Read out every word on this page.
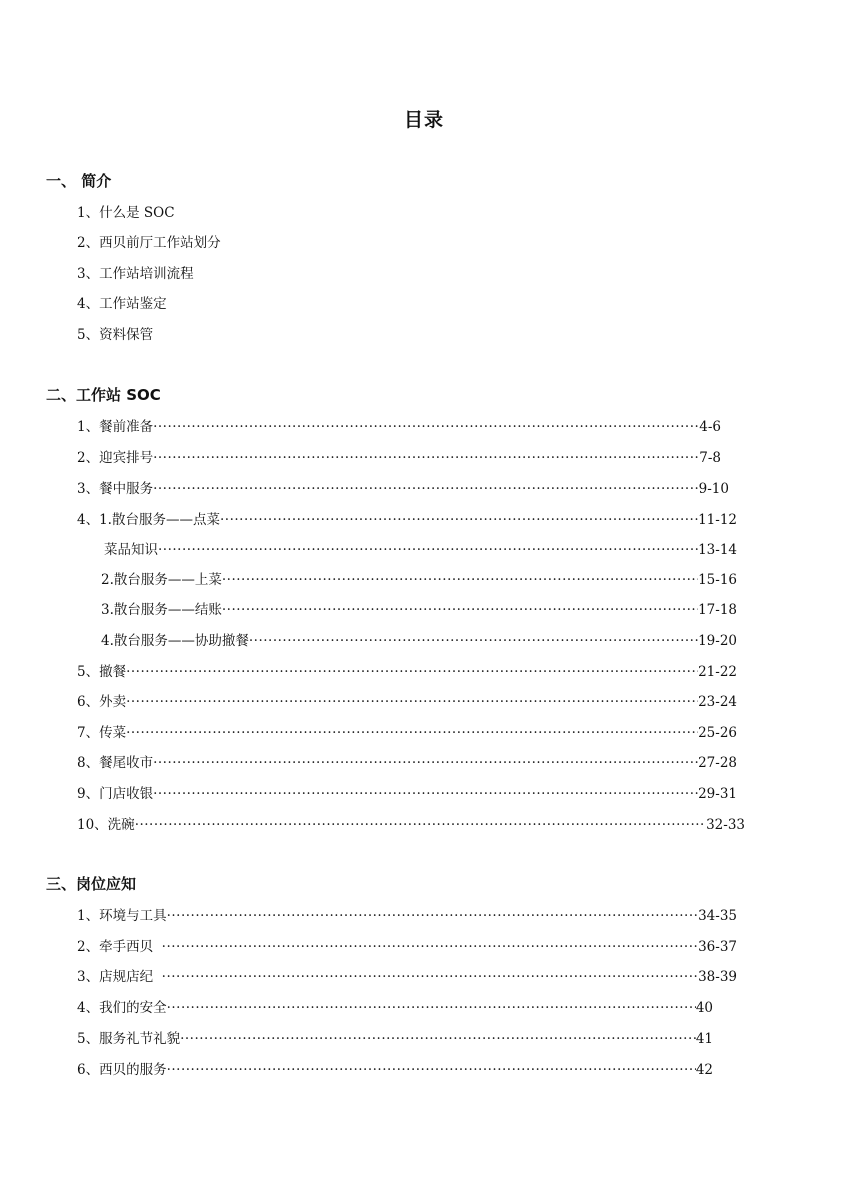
目录
一、 简介
1、什么是 SOC
2、西贝前厅工作站划分
3、工作站培训流程
4、工作站鉴定
5、资料保管
二、工作站 SOC
1、餐前准备 ·····	4-6
2、迎宾排号 ·····	7-8
3、餐中服务 ·····	9-10
4、1.散台服务——点菜 ·····	11-12
菜品知识 ·····	13-14
2.散台服务——上菜 ·····	15-16
3.散台服务——结账 ·····	17-18
4.散台服务——协助撤餐 ·····	19-20
5、撤餐 ·····	21-22
6、外卖 ·····	23-24
7、传菜 ·····	25-26
8、餐尾收市 ·····	27-28
9、门店收银 ·····	29-31
10、洗碗 ·····	32-33
三、岗位应知
1、环境与工具 ·····	34-35
2、牵手西贝 ·····	36-37
3、店规店纪 ·····	38-39
4、我们的安全 ·····	40
5、服务礼节礼貌 ·····	41
6、西贝的服务 ·····	42
